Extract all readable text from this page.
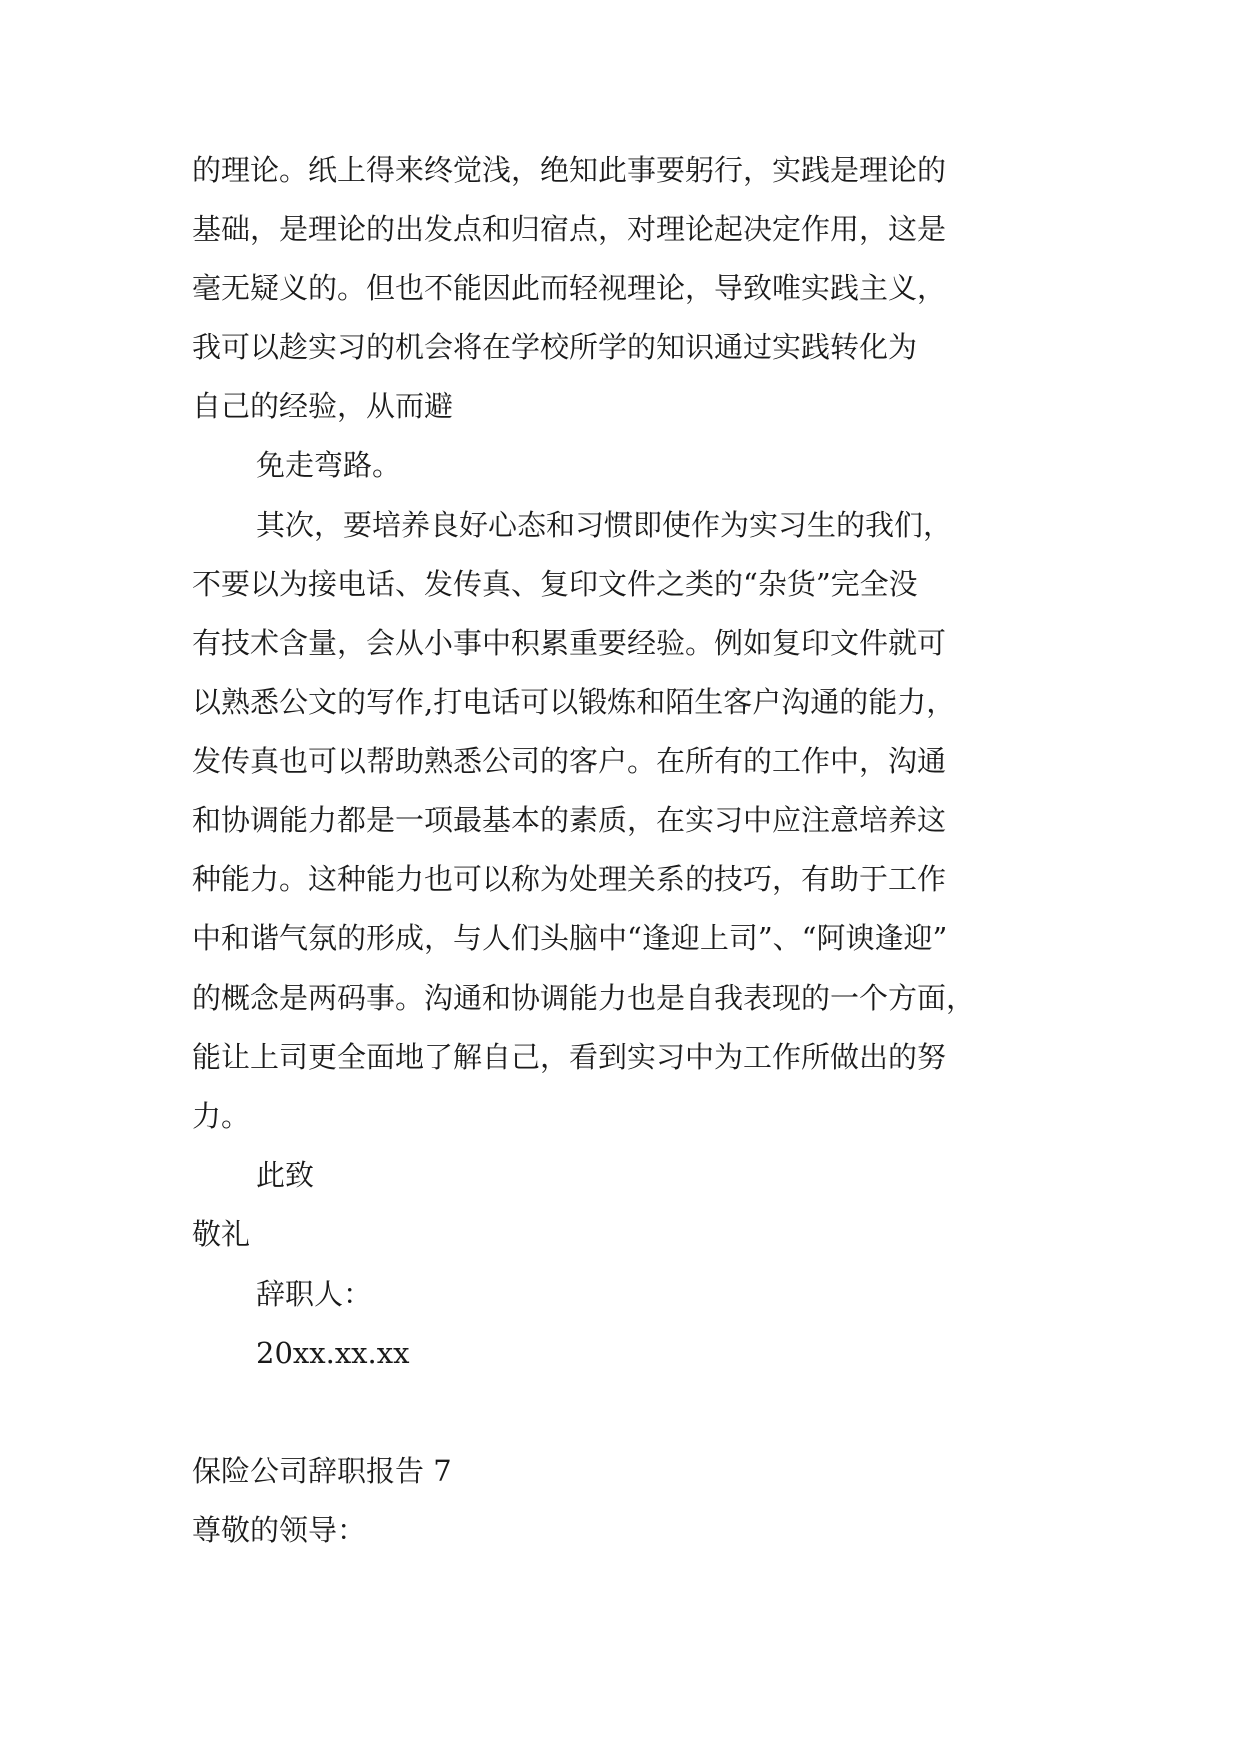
的理论。纸上得来终觉浅，绝知此事要躬行，实践是理论的
基础，是理论的出发点和归宿点，对理论起决定作用，这是
毫无疑义的。但也不能因此而轻视理论，导致唯实践主义，
我可以趁实习的机会将在学校所学的知识通过实践转化为
自己的经验，从而避
免走弯路。
其次，要培养良好心态和习惯即使作为实习生的我们，
不要以为接电话、发传真、复印文件之类的“杂货”完全没
有技术含量，会从小事中积累重要经验。例如复印文件就可
以熟悉公文的写作,打电话可以锻炼和陌生客户沟通的能力，
发传真也可以帮助熟悉公司的客户。在所有的工作中，沟通
和协调能力都是一项最基本的素质，在实习中应注意培养这
种能力。这种能力也可以称为处理关系的技巧，有助于工作
中和谐气氛的形成，与人们头脑中“逢迎上司”、“阿谀逢迎”
的概念是两码事。沟通和协调能力也是自我表现的一个方面，
能让上司更全面地了解自己，看到实习中为工作所做出的努
力。
此致
敬礼
辞职人：
20xx.xx.xx
保险公司辞职报告 7
尊敬的领导：
